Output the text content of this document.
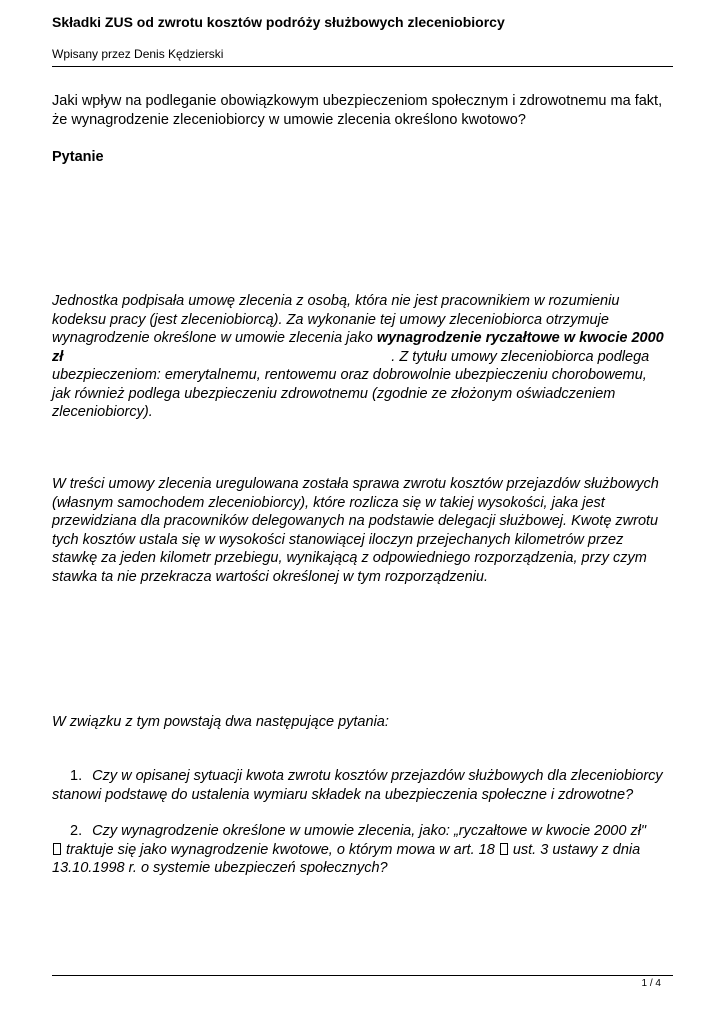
Składki ZUS od zwrotu kosztów podróży służbowych zleceniobiorcy
Wpisany przez Denis Kędzierski
Jaki wpływ na podleganie obowiązkowym ubezpieczeniom społecznym i zdrowotnemu ma fakt,
że wynagrodzenie zleceniobiorcy w umowie zlecenia określono kwotowo?
Pytanie
Jednostka podpisała umowę zlecenia z osobą, która nie jest pracownikiem w rozumieniu
kodeksu pracy (jest zleceniobiorcą). Za wykonanie tej umowy zleceniobiorca otrzymuje
wynagrodzenie określone w umowie zlecenia jako wynagrodzenie ryczałtowe w kwocie 2000
zł	. Z tytułu umowy zleceniobiorca podlega
ubezpieczeniom: emerytalnemu, rentowemu oraz dobrowolnie ubezpieczeniu chorobowemu,
jak również podlega ubezpieczeniu zdrowotnemu (zgodnie ze złożonym oświadczeniem
zleceniobiorcy).
W treści umowy zlecenia uregulowana została sprawa zwrotu kosztów przejazdów służbowych
(własnym samochodem zleceniobiorcy), które rozlicza się w takiej wysokości, jaka jest
przewidziana dla pracowników delegowanych na podstawie delegacji służbowej. Kwotę zwrotu
tych kosztów ustala się w wysokości stanowiącej iloczyn przejechanych kilometrów przez
stawkę za jeden kilometr przebiegu, wynikającą z odpowiedniego rozporządzenia, przy czym
stawka ta nie przekracza wartości określonej w tym rozporządzeniu.
W związku z tym powstają dwa następujące pytania:
1. Czy w opisanej sytuacji kwota zwrotu kosztów przejazdów służbowych dla zleceniobiorcy
stanowi podstawę do ustalenia wymiaru składek na ubezpieczenia społeczne i zdrowotne?
2. Czy wynagrodzenie określone w umowie zlecenia, jako: „ryczałtowe w kwocie 2000 zł"
traktuje się jako wynagrodzenie kwotowe, o którym mowa w art. 18 ust. 3 ustawy z dnia
13.10.1998 r. o systemie ubezpieczeń społecznych?
1 / 4
